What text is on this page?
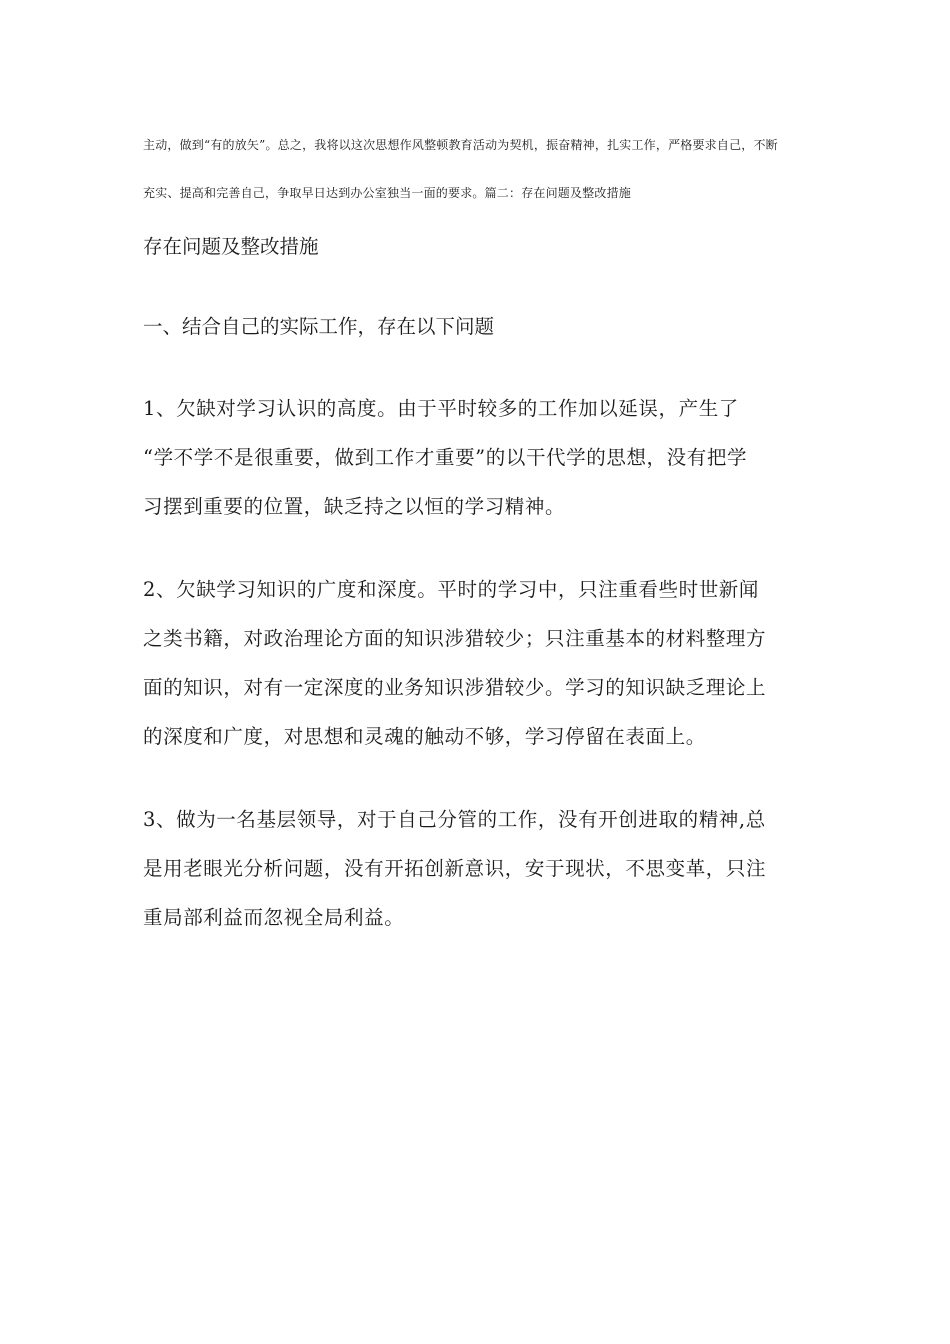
主动，做到“有的放矢”。总之，我将以这次思想作风整顿教育活动为契机，振奋精神，扎实工作，严格要求自己，不断
充实、提高和完善自己，争取早日达到办公室独当一面的要求。篇二：存在问题及整改措施
存在问题及整改措施
一、结合自己的实际工作，存在以下问题
1、欠缺对学习认识的高度。由于平时较多的工作加以延误，产生了
“学不学不是很重要，做到工作才重要”的以干代学的思想，没有把学
习摆到重要的位置，缺乏持之以恒的学习精神。
2、欠缺学习知识的广度和深度。平时的学习中，只注重看些时世新闻
之类书籍，对政治理论方面的知识涉猎较少；只注重基本的材料整理方
面的知识，对有一定深度的业务知识涉猎较少。学习的知识缺乏理论上
的深度和广度，对思想和灵魂的触动不够，学习停留在表面上。
3、做为一名基层领导，对于自己分管的工作，没有开创进取的精神,总
是用老眼光分析问题，没有开拓创新意识，安于现状，不思变革，只注
重局部利益而忽视全局利益。
